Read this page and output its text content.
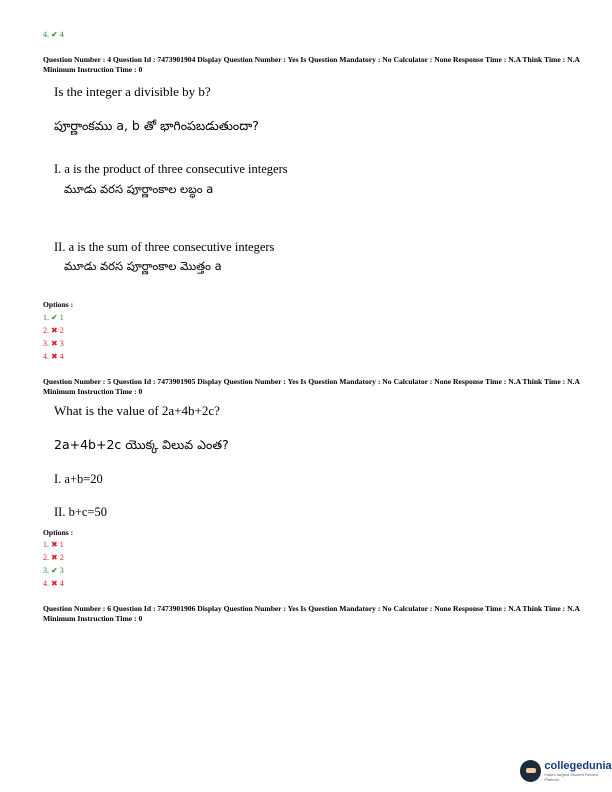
4. ✔ 4
Question Number : 4 Question Id : 7473901904 Display Question Number : Yes Is Question Mandatory : No Calculator : None Response Time : N.A Think Time : N.A Minimum Instruction Time : 0
Is the integer a divisible by b?
పూర్ణాంకము a, b తో భాగింపబడుతుందా?
I. a is the product of three consecutive integers
మూడు వరస పూర్ణాంకాల లబ్ధం a
II. a is the sum of three consecutive integers
మూడు వరస పూర్ణాంకాల మొత్తం a
Options :
1. ✔ 1
2. ✖ 2
3. ✖ 3
4. ✖ 4
Question Number : 5 Question Id : 7473901905 Display Question Number : Yes Is Question Mandatory : No Calculator : None Response Time : N.A Think Time : N.A Minimum Instruction Time : 0
What is the value of 2a+4b+2c?
2a+4b+2c యొక్క విలువ ఎంత?
I. a+b=20
II. b+c=50
Options :
1. ✖ 1
2. ✖ 2
3. ✔ 3
4. ✖ 4
Question Number : 6 Question Id : 7473901906 Display Question Number : Yes Is Question Mandatory : No Calculator : None Response Time : N.A Think Time : N.A Minimum Instruction Time : 0
collegedunia
India's largest Student Review Platform
